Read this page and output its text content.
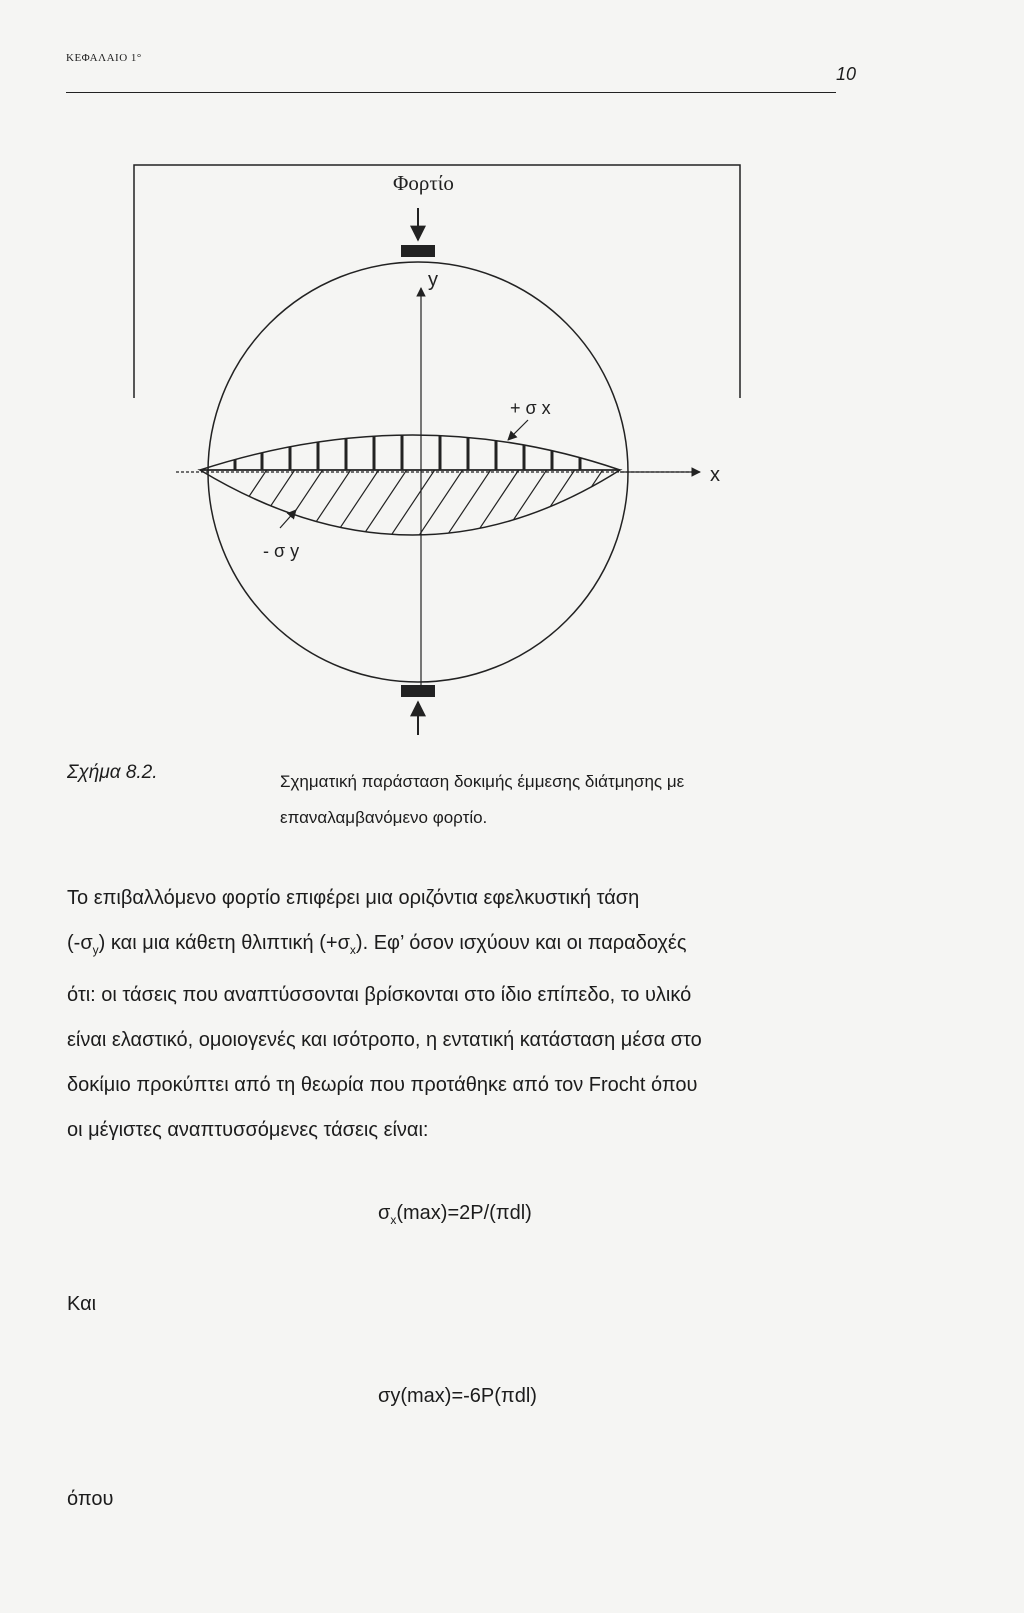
ΚΕΦΑΛΑΙΟ 1°
10
Φορτίο
y
x
+ σ x
- σ y
Σχήμα 8.2.	Σχηματική παράσταση δοκιμής έμμεσης διάτμησης με επαναλαμβανόμενο φορτίο.
Το επιβαλλόμενο φορτίο επιφέρει μια οριζόντια εφελκυστική τάση
$(-\sigma_y)$ και μια κάθετη θλιπτική $(+\sigma_x)$. Εφ’ όσον ισχύουν και οι παραδοχές
ότι: οι τάσεις που αναπτύσσονται βρίσκονται στο ίδιο επίπεδο, το υλικό
είναι ελαστικό, ομοιογενές και ισότροπο, η εντατική κατάσταση μέσα στο
δοκίμιο προκύπτει από τη θεωρία που προτάθηκε από τον Frocht όπου
οι μέγιστες αναπτυσσόμενες τάσεις είναι:
$\sigma_x(\max)=2P/(\pi dl)$
Και
σy(max)=-6P(πdl)
όπου
